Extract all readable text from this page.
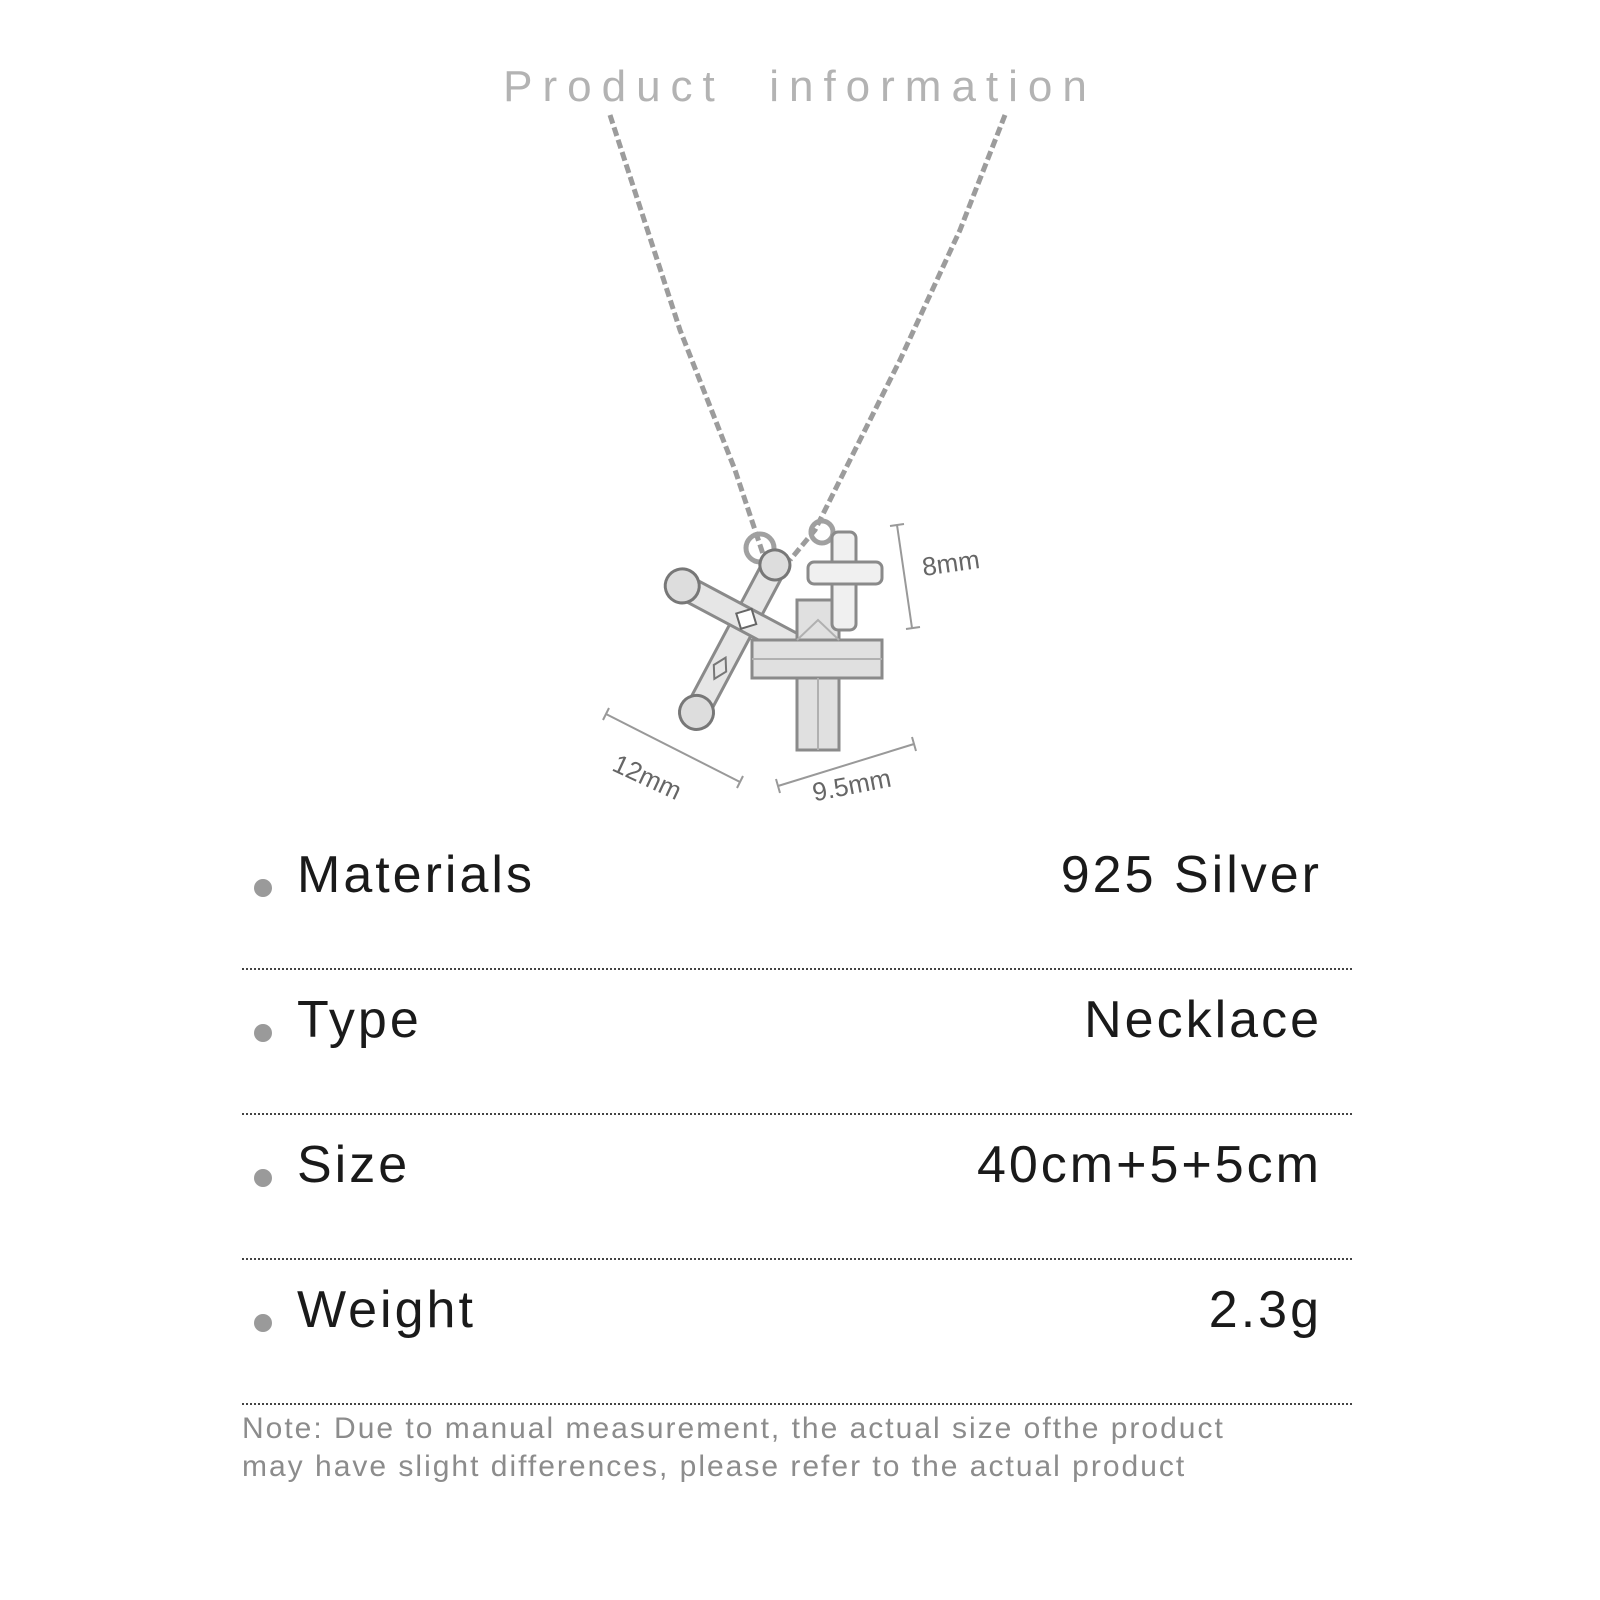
Product  information
8mm
12mm	9.5mm
Materials	925 Silver
Type	Necklace
Size	40cm+5+5cm
Weight	2.3g

Note: Due to manual measurement, the actual size ofthe product

may have slight differences, please refer to the actual product
